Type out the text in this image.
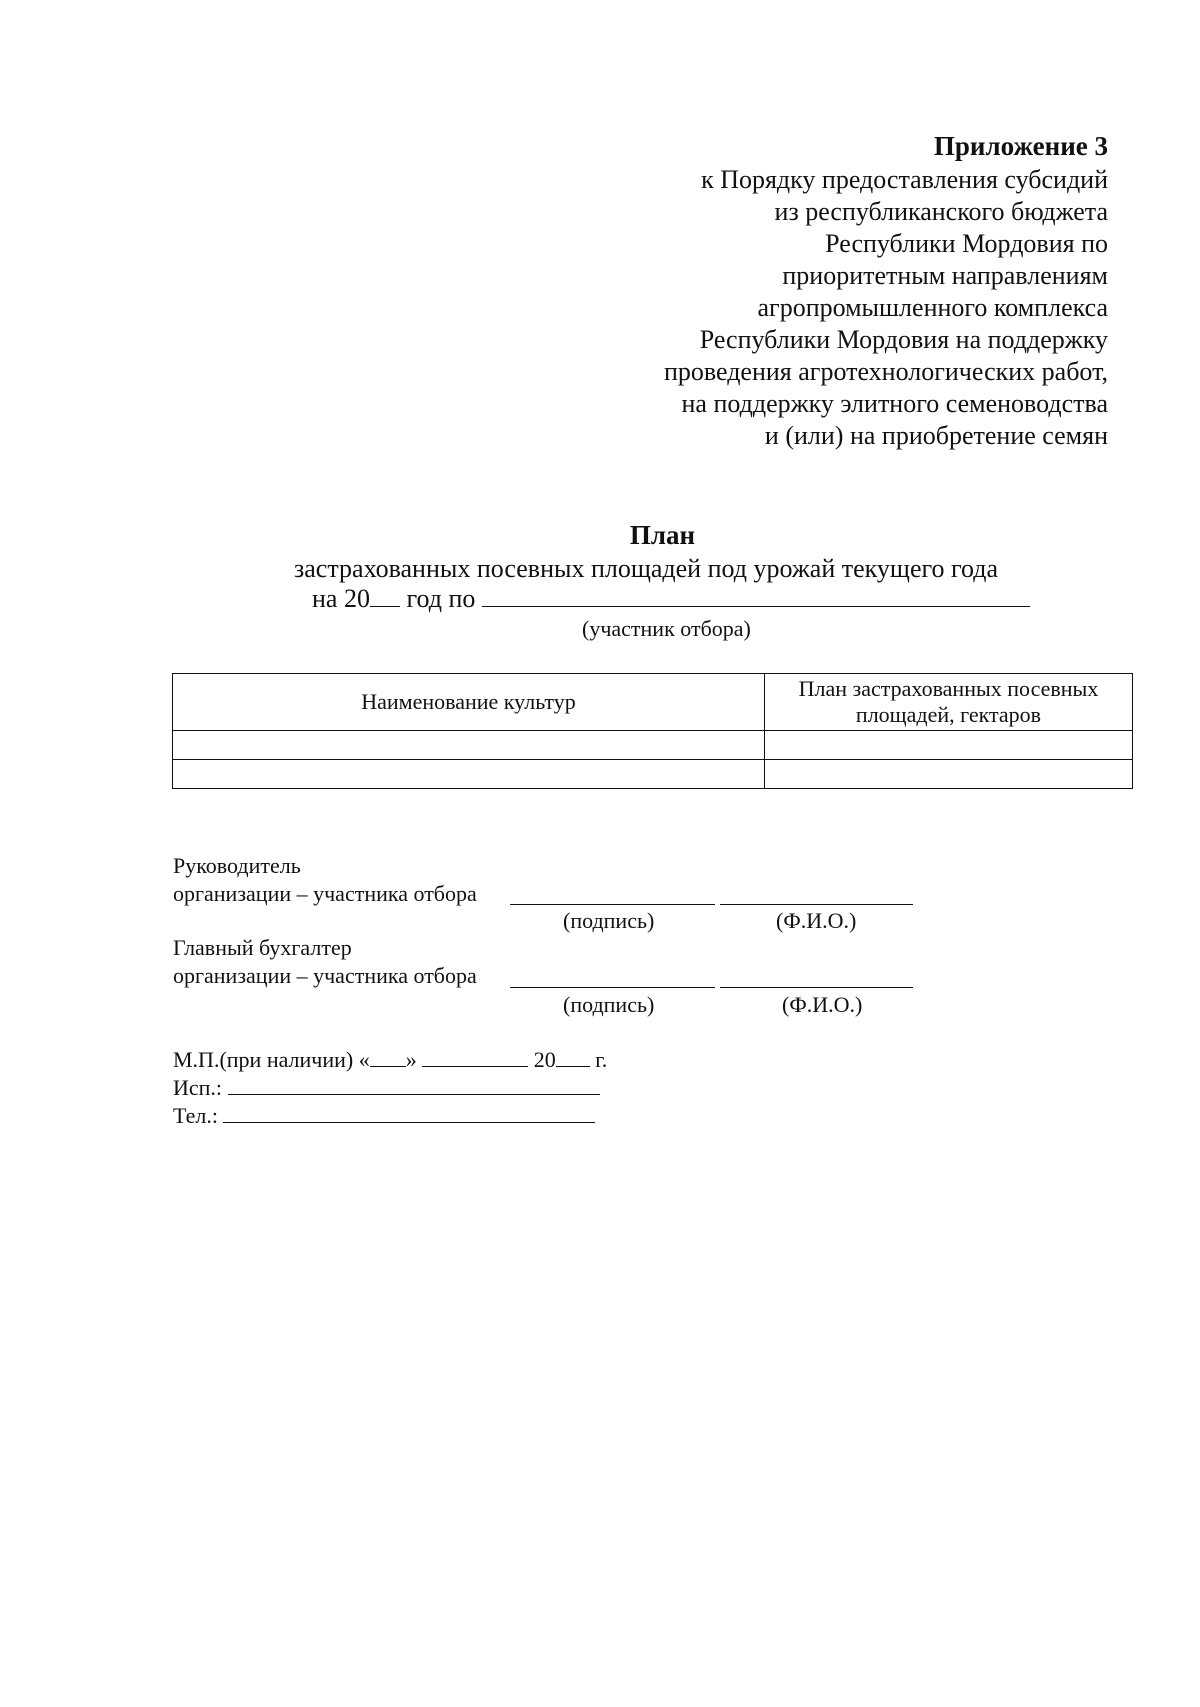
Приложение 3
к Порядку предоставления субсидий
из республиканского бюджета
Республики Мордовия по
приоритетным направлениям
агропромышленного комплекса
Республики Мордовия на поддержку
проведения агротехнологических работ,
на поддержку элитного семеноводства
и (или) на приобретение семян
План
застрахованных посевных площадей под урожай текущего года
на 20 год по
(участник отбора)
Наименование культур	План застрахованных посевных площадей, гектаров

Руководитель
организации – участника отбора
(подпись)	(Ф.И.О.)
Главный бухгалтер
организации – участника отбора
(подпись)	(Ф.И.О.)
М.П.(при наличии) « »	20 г.
Исп.:
Тел.:
